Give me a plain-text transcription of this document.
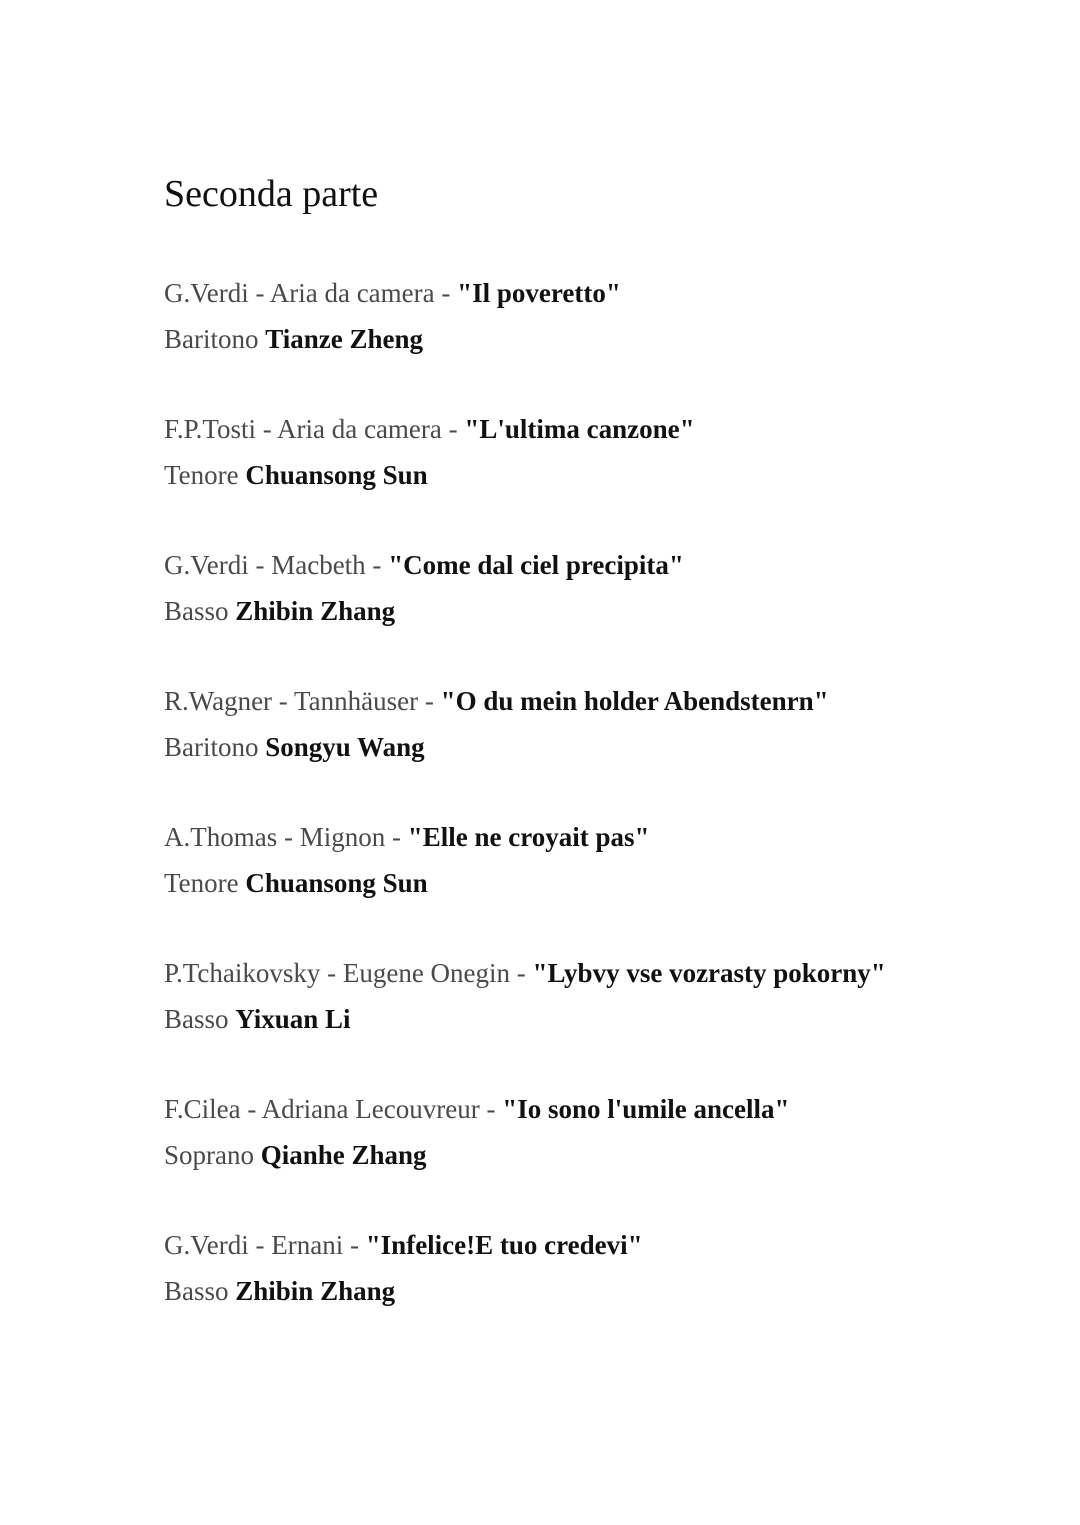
Seconda parte
G.Verdi - Aria da camera - "Il poveretto"
Baritono Tianze Zheng
F.P.Tosti - Aria da camera - "L'ultima canzone"
Tenore Chuansong Sun
G.Verdi - Macbeth - "Come dal ciel precipita"
Basso Zhibin Zhang
R.Wagner - Tannhäuser - "O du mein holder Abendstenrn"
Baritono Songyu Wang
A.Thomas - Mignon - "Elle ne croyait pas"
Tenore Chuansong Sun
P.Tchaikovsky - Eugene Onegin - "Lybvy vse vozrasty pokorny"
Basso Yixuan Li
F.Cilea - Adriana Lecouvreur - "Io sono l'umile ancella"
Soprano Qianhe Zhang
G.Verdi - Ernani - "Infelice!E tuo credevi"
Basso Zhibin Zhang
